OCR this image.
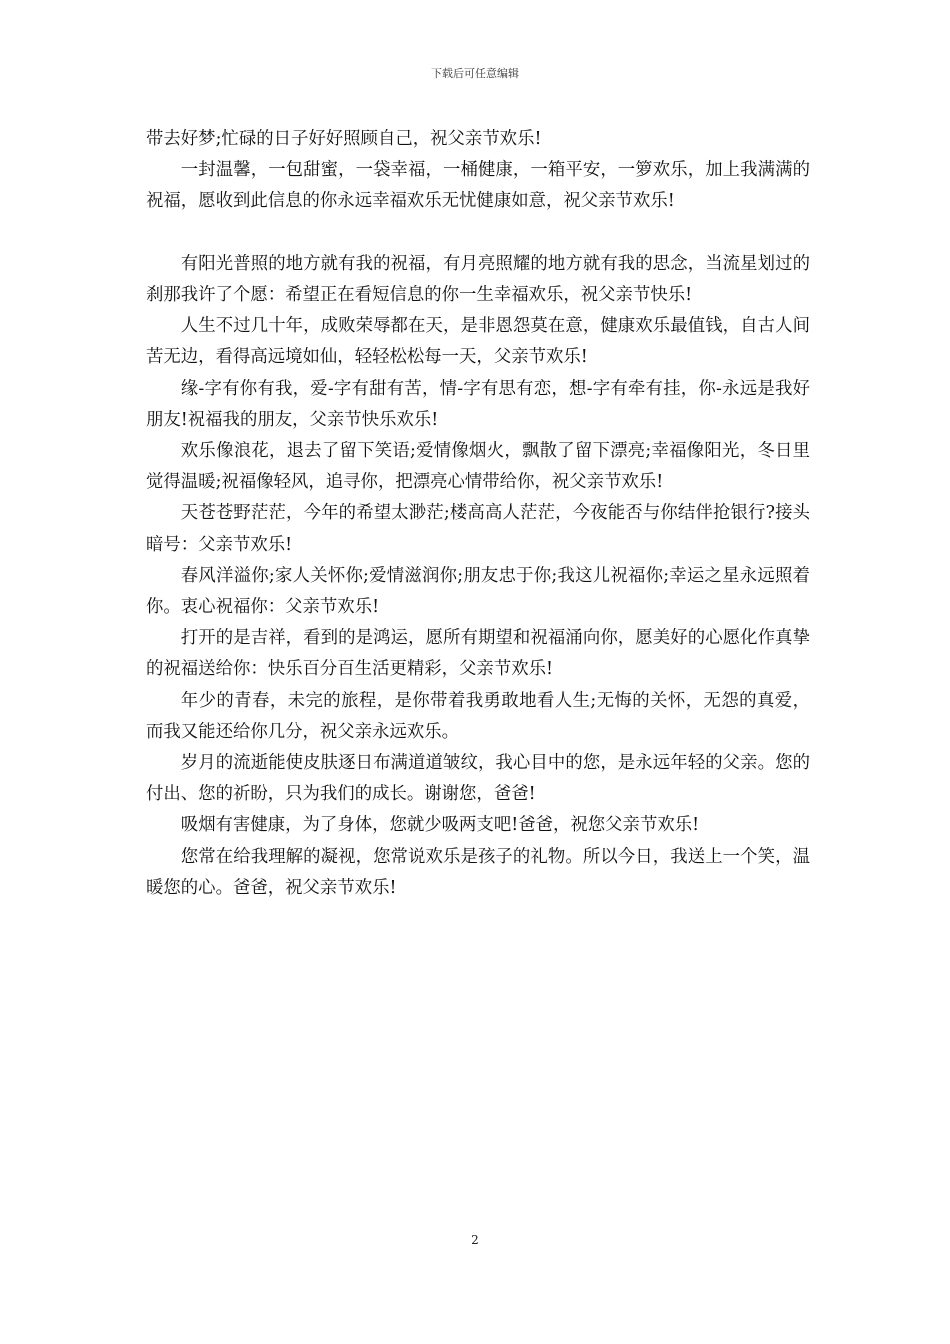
下载后可任意编辑

带去好梦;忙碌的日子好好照顾自己，祝父亲节欢乐!

一封温馨，一包甜蜜，一袋幸福，一桶健康，一箱平安，一箩欢乐，加上我满满的祝福，愿收到此信息的你永远幸福欢乐无忧健康如意，祝父亲节欢乐!

有阳光普照的地方就有我的祝福，有月亮照耀的地方就有我的思念，当流星划过的刹那我许了个愿：希望正在看短信息的你一生幸福欢乐，祝父亲节快乐!

人生不过几十年，成败荣辱都在天，是非恩怨莫在意，健康欢乐最值钱，自古人间苦无边，看得高远境如仙，轻轻松松每一天，父亲节欢乐!

缘-字有你有我，爱-字有甜有苦，情-字有思有恋，想-字有牵有挂，你-永远是我好朋友!祝福我的朋友，父亲节快乐欢乐!

欢乐像浪花，退去了留下笑语;爱情像烟火，飘散了留下漂亮;幸福像阳光，冬日里觉得温暖;祝福像轻风，追寻你，把漂亮心情带给你，祝父亲节欢乐!

天苍苍野茫茫，今年的希望太渺茫;楼高高人茫茫，今夜能否与你结伴抢银行?接头暗号：父亲节欢乐!

春风洋溢你;家人关怀你;爱情滋润你;朋友忠于你;我这儿祝福你;幸运之星永远照着你。衷心祝福你：父亲节欢乐!

打开的是吉祥，看到的是鸿运，愿所有期望和祝福涌向你，愿美好的心愿化作真挚的祝福送给你：快乐百分百生活更精彩，父亲节欢乐!

年少的青春，未完的旅程，是你带着我勇敢地看人生;无悔的关怀，无怨的真爱，而我又能还给你几分，祝父亲永远欢乐。

岁月的流逝能使皮肤逐日布满道道皱纹，我心目中的您，是永远年轻的父亲。您的付出、您的祈盼，只为我们的成长。谢谢您，爸爸!

吸烟有害健康，为了身体，您就少吸两支吧!爸爸，祝您父亲节欢乐!

您常在给我理解的凝视，您常说欢乐是孩子的礼物。所以今日，我送上一个笑，温暖您的心。爸爸，祝父亲节欢乐!

2
